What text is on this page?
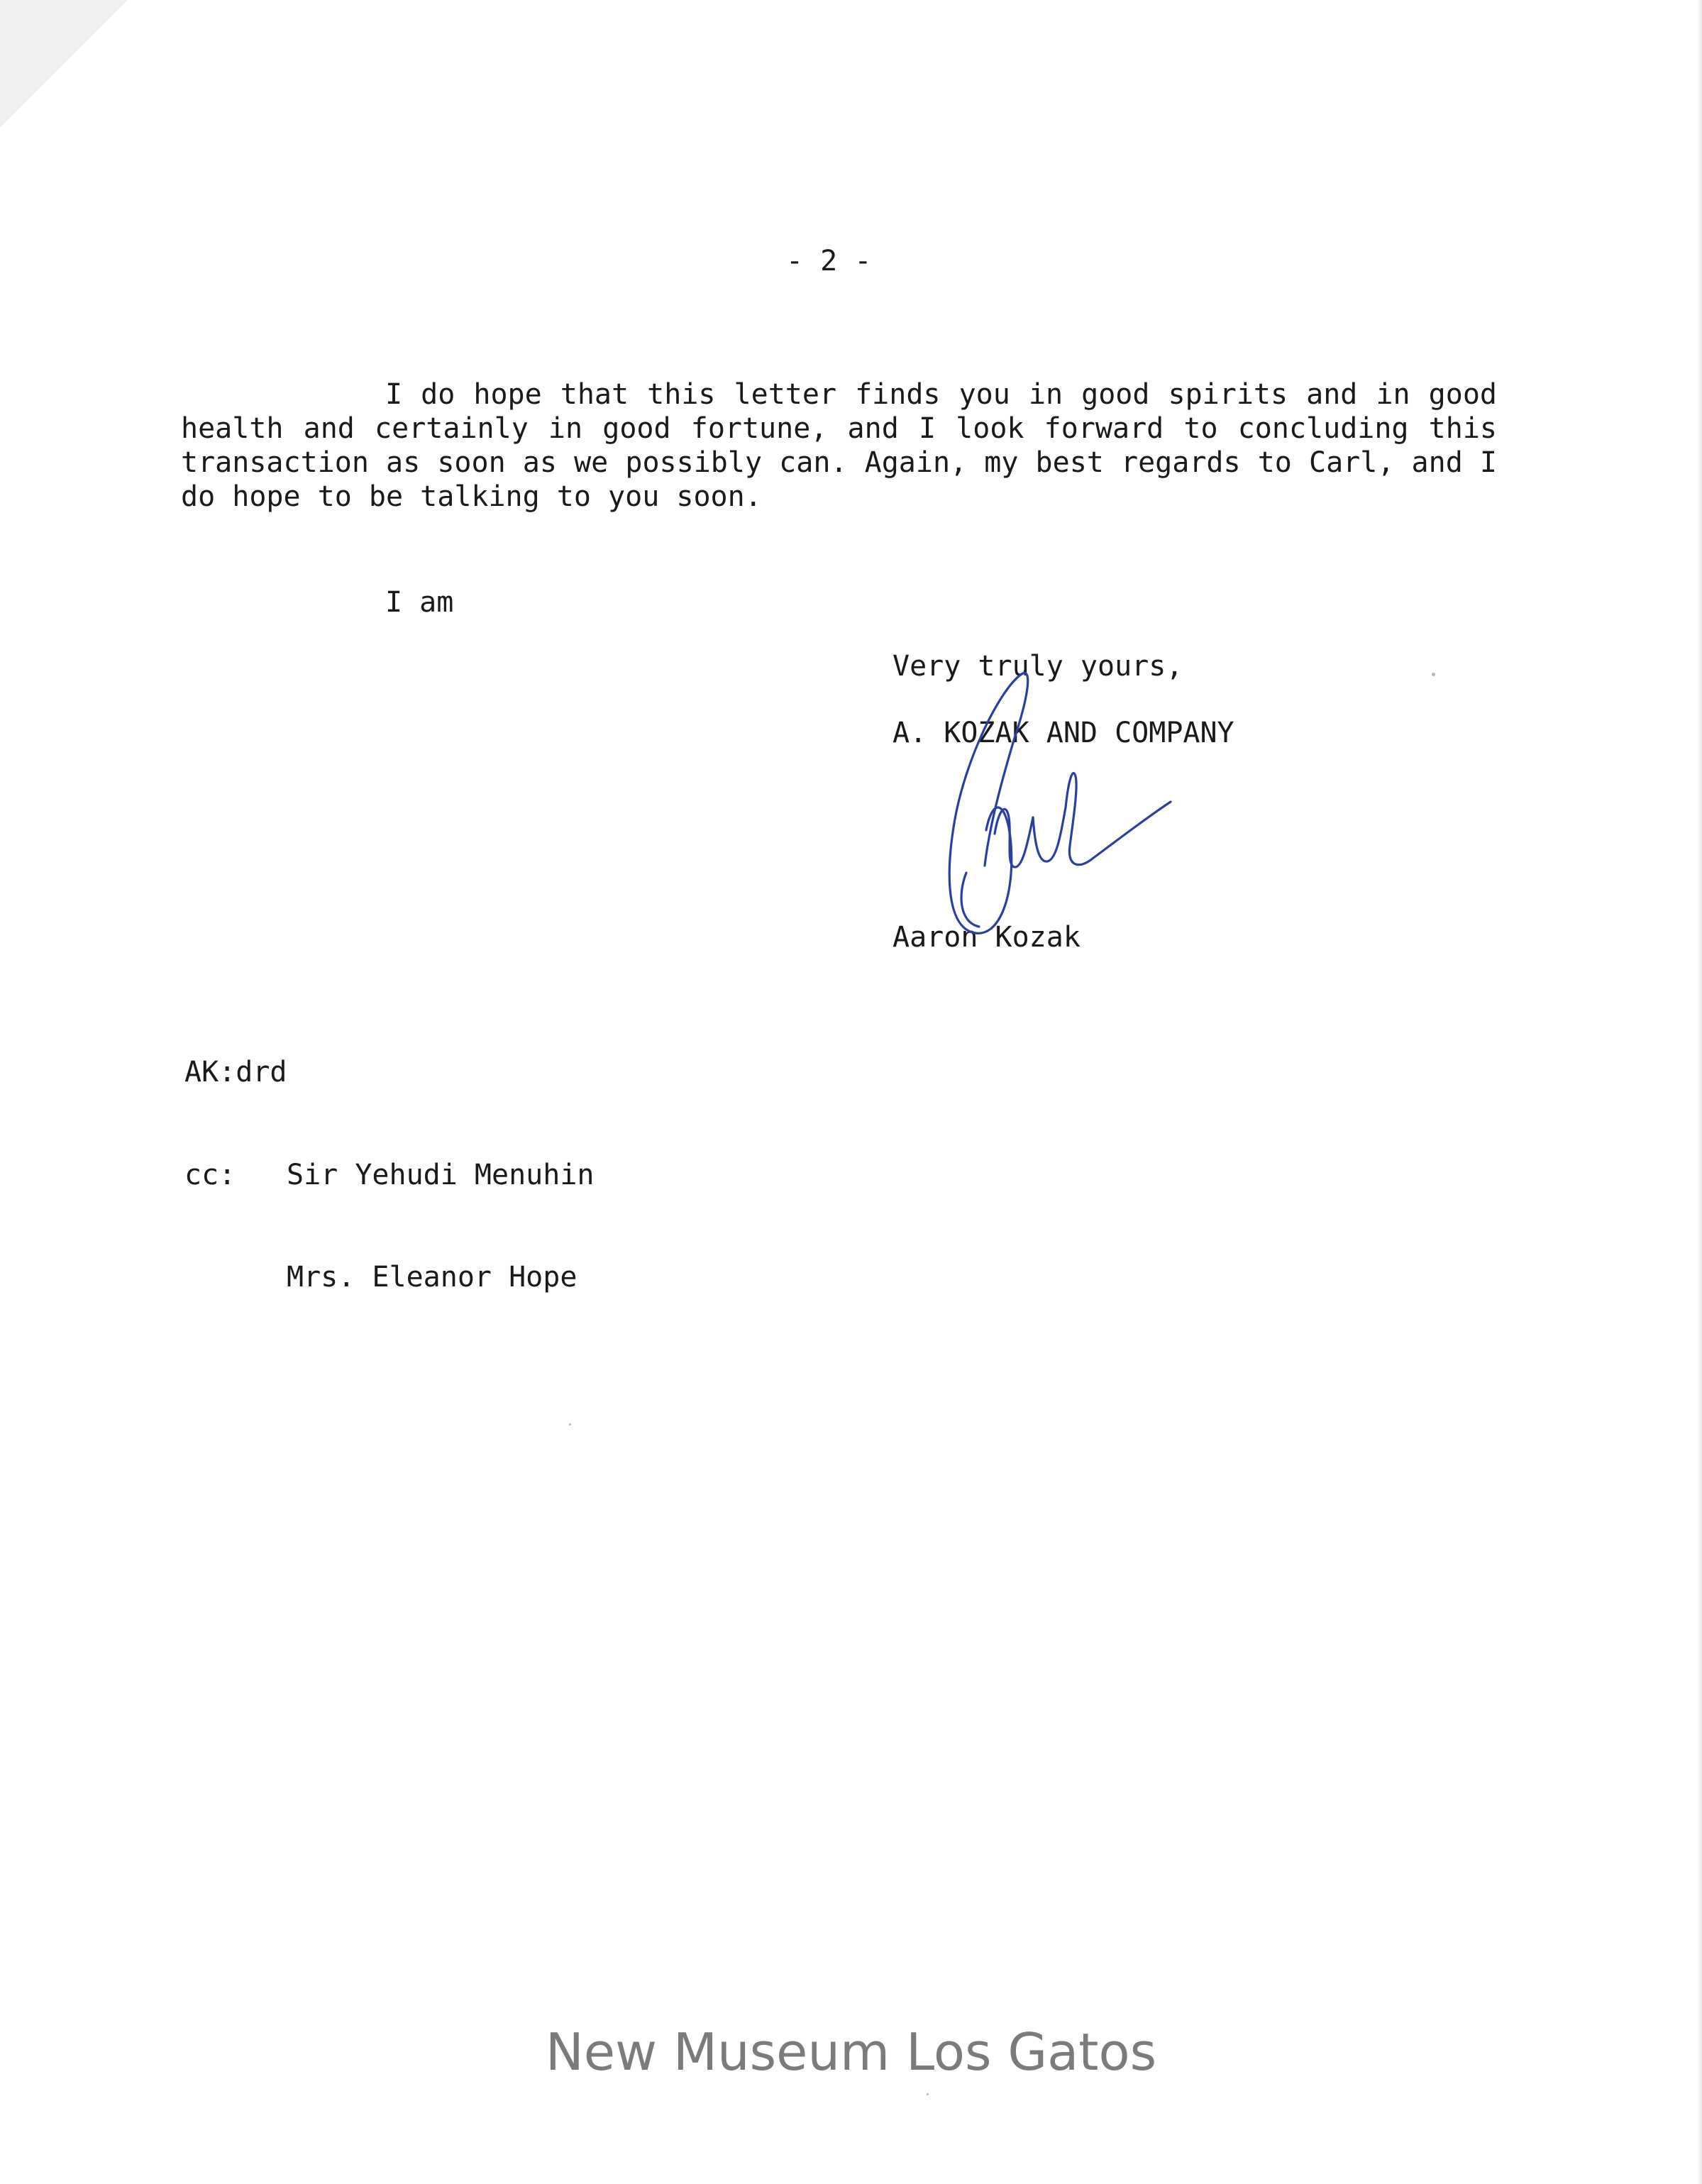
- 2 -
I do hope that this letter finds you in good spirits and in good health and certainly in good fortune, and I look forward to concluding this transaction as soon as we possibly can. Again, my best regards to Carl, and I do hope to be talking to you soon.
I am
Very truly yours,
A. KOZAK AND COMPANY
Aaron Kozak
AK:drd

cc: Sir Yehudi Menuhin

Mrs. Eleanor Hope

New Museum Los Gatos
